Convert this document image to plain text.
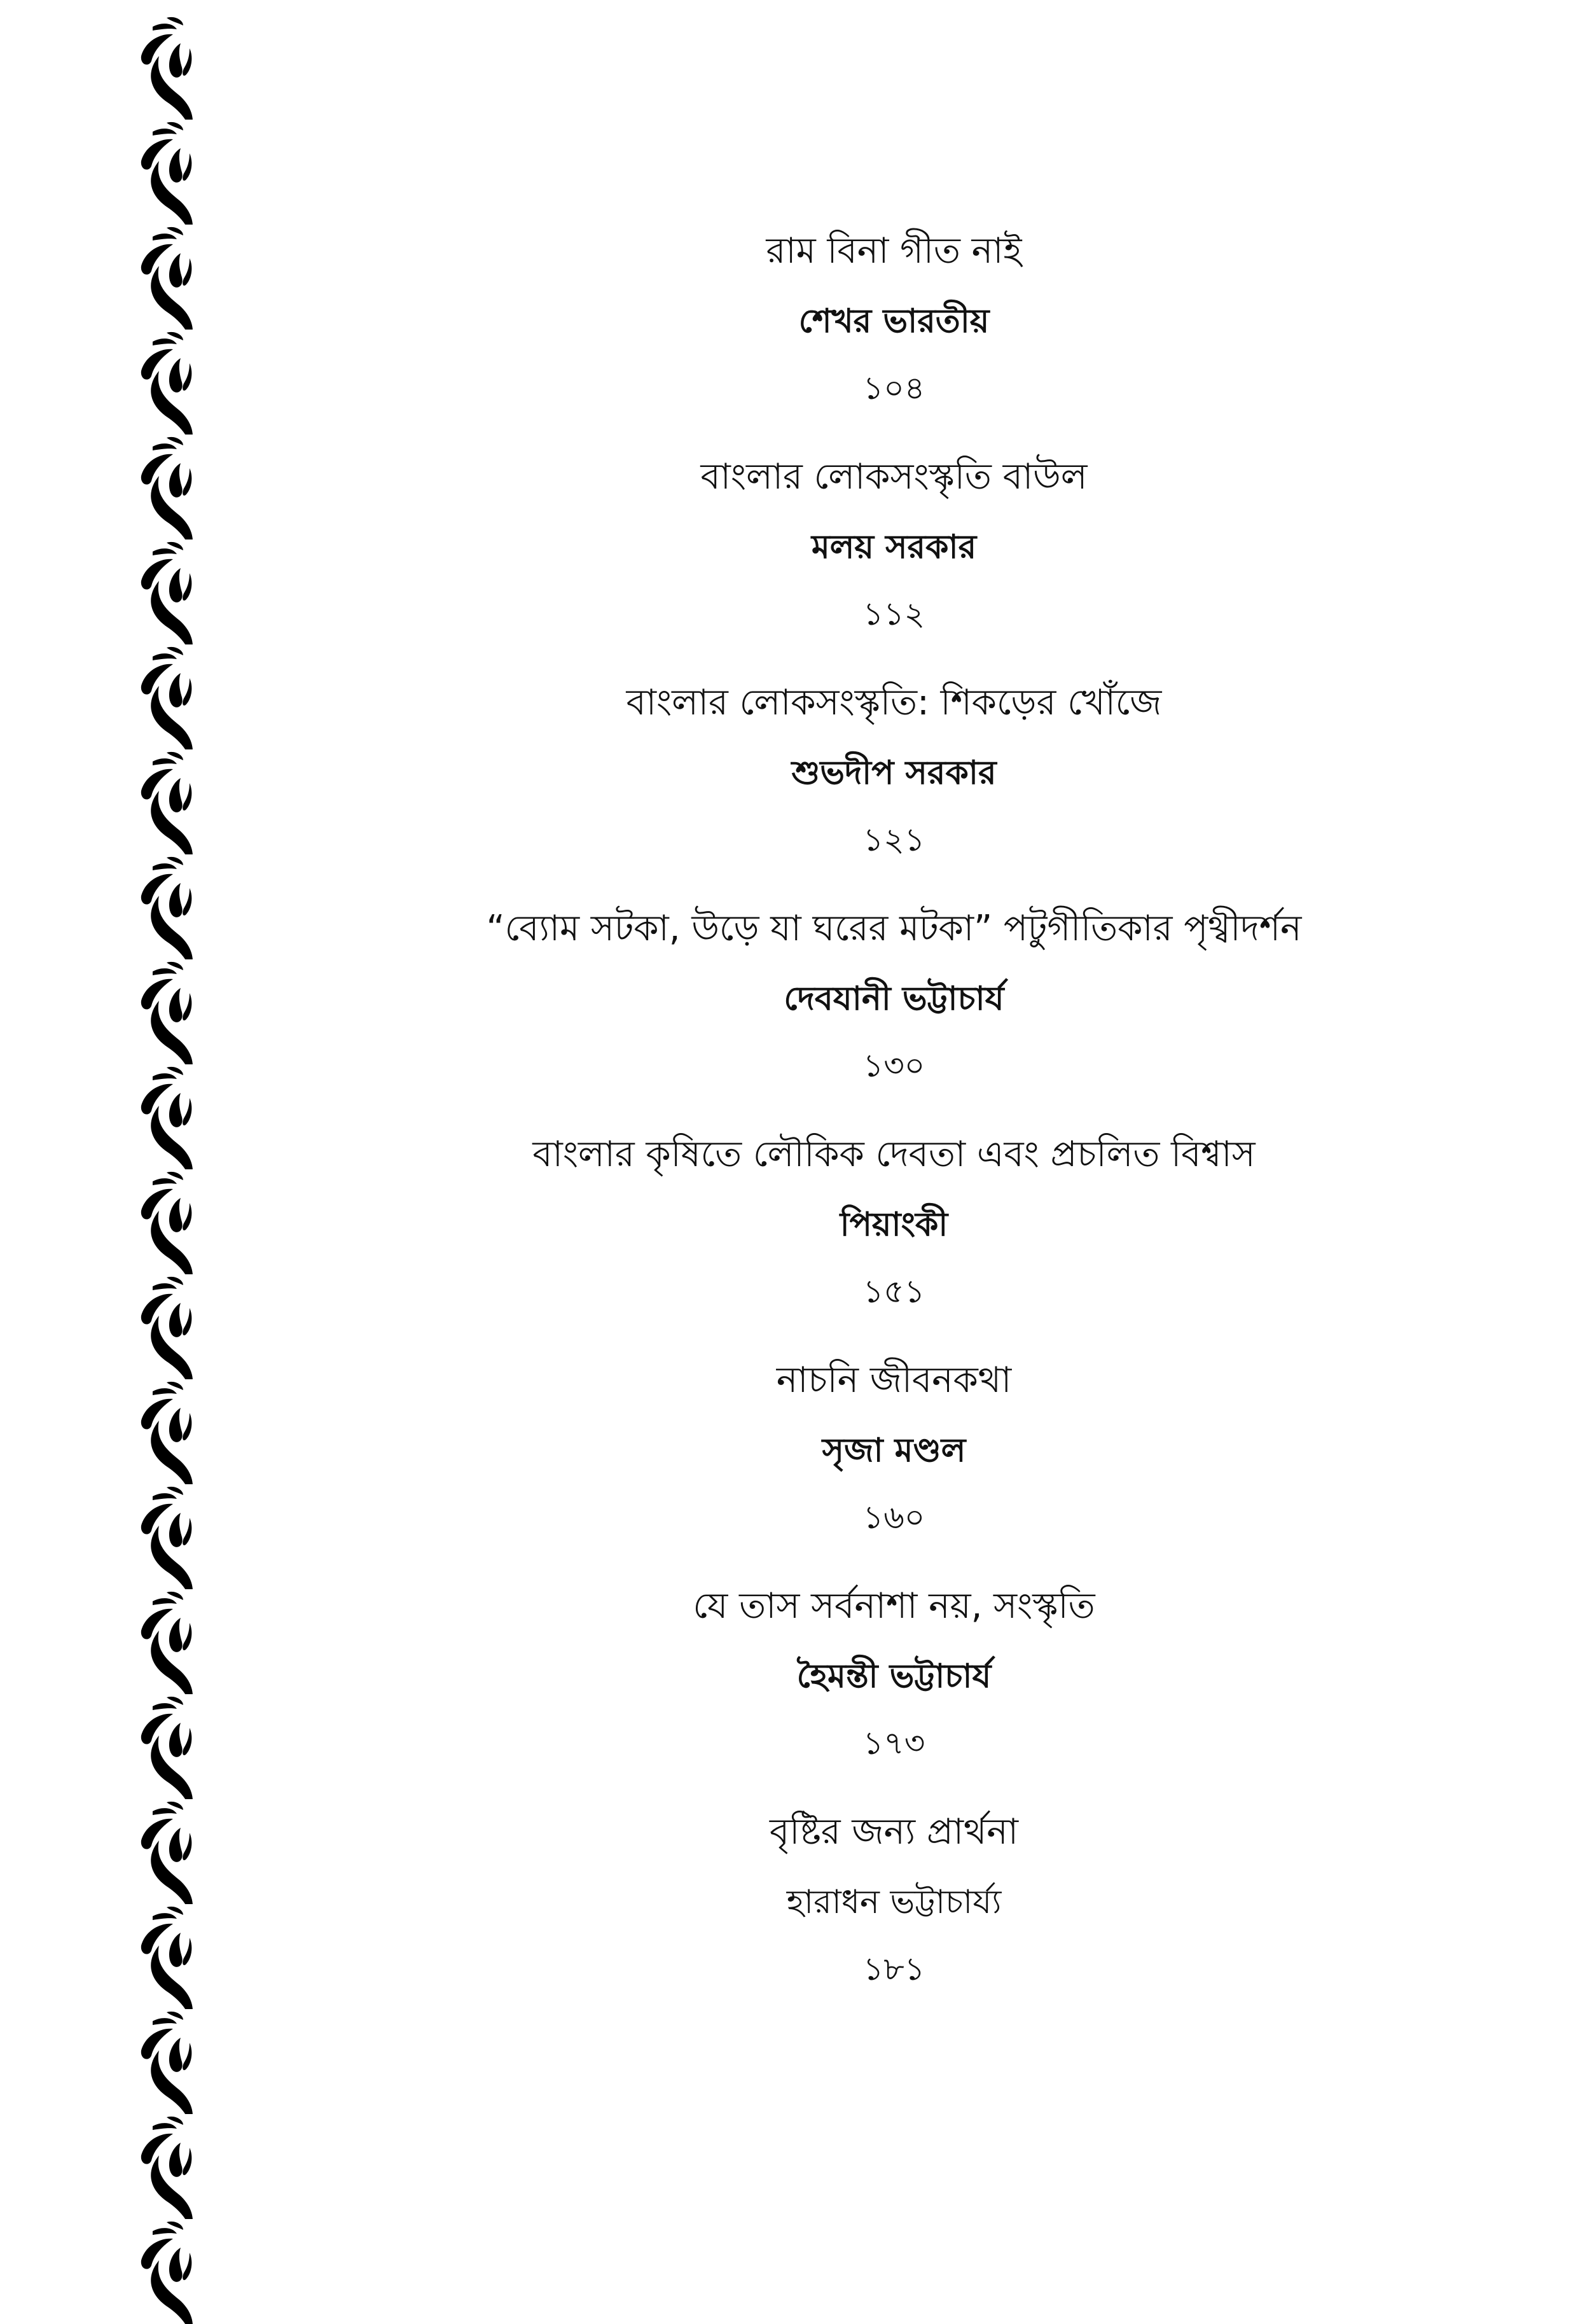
রাম বিনা গীত নাই
শেখর ভারতীয়
১০৪
বাংলার লোকসংস্কৃতি বাউল
মলয় সরকার
১১২
বাংলার লোকসংস্কৃতি: শিকড়ের খোঁজে
শুভদীপ সরকার
১২১
“ব্যোম সটকা, উড়ে যা ঘরের মটকা” পটুগীতিকার পৃথ্বীদর্শন
দেবযানী ভট্টাচার্য
১৩০
বাংলার কৃষিতে লৌকিক দেবতা এবং প্রচলিত বিশ্বাস
পিয়াংকী
১৫১
নাচনি জীবনকথা
সৃজা মণ্ডল
১৬০
যে তাস সর্বনাশা নয়, সংস্কৃতি
হৈমন্তী ভট্টাচার্য
১৭৩
বৃষ্টির জন্য প্রার্থনা
হারাধন ভট্টাচার্য্য
১৮১
